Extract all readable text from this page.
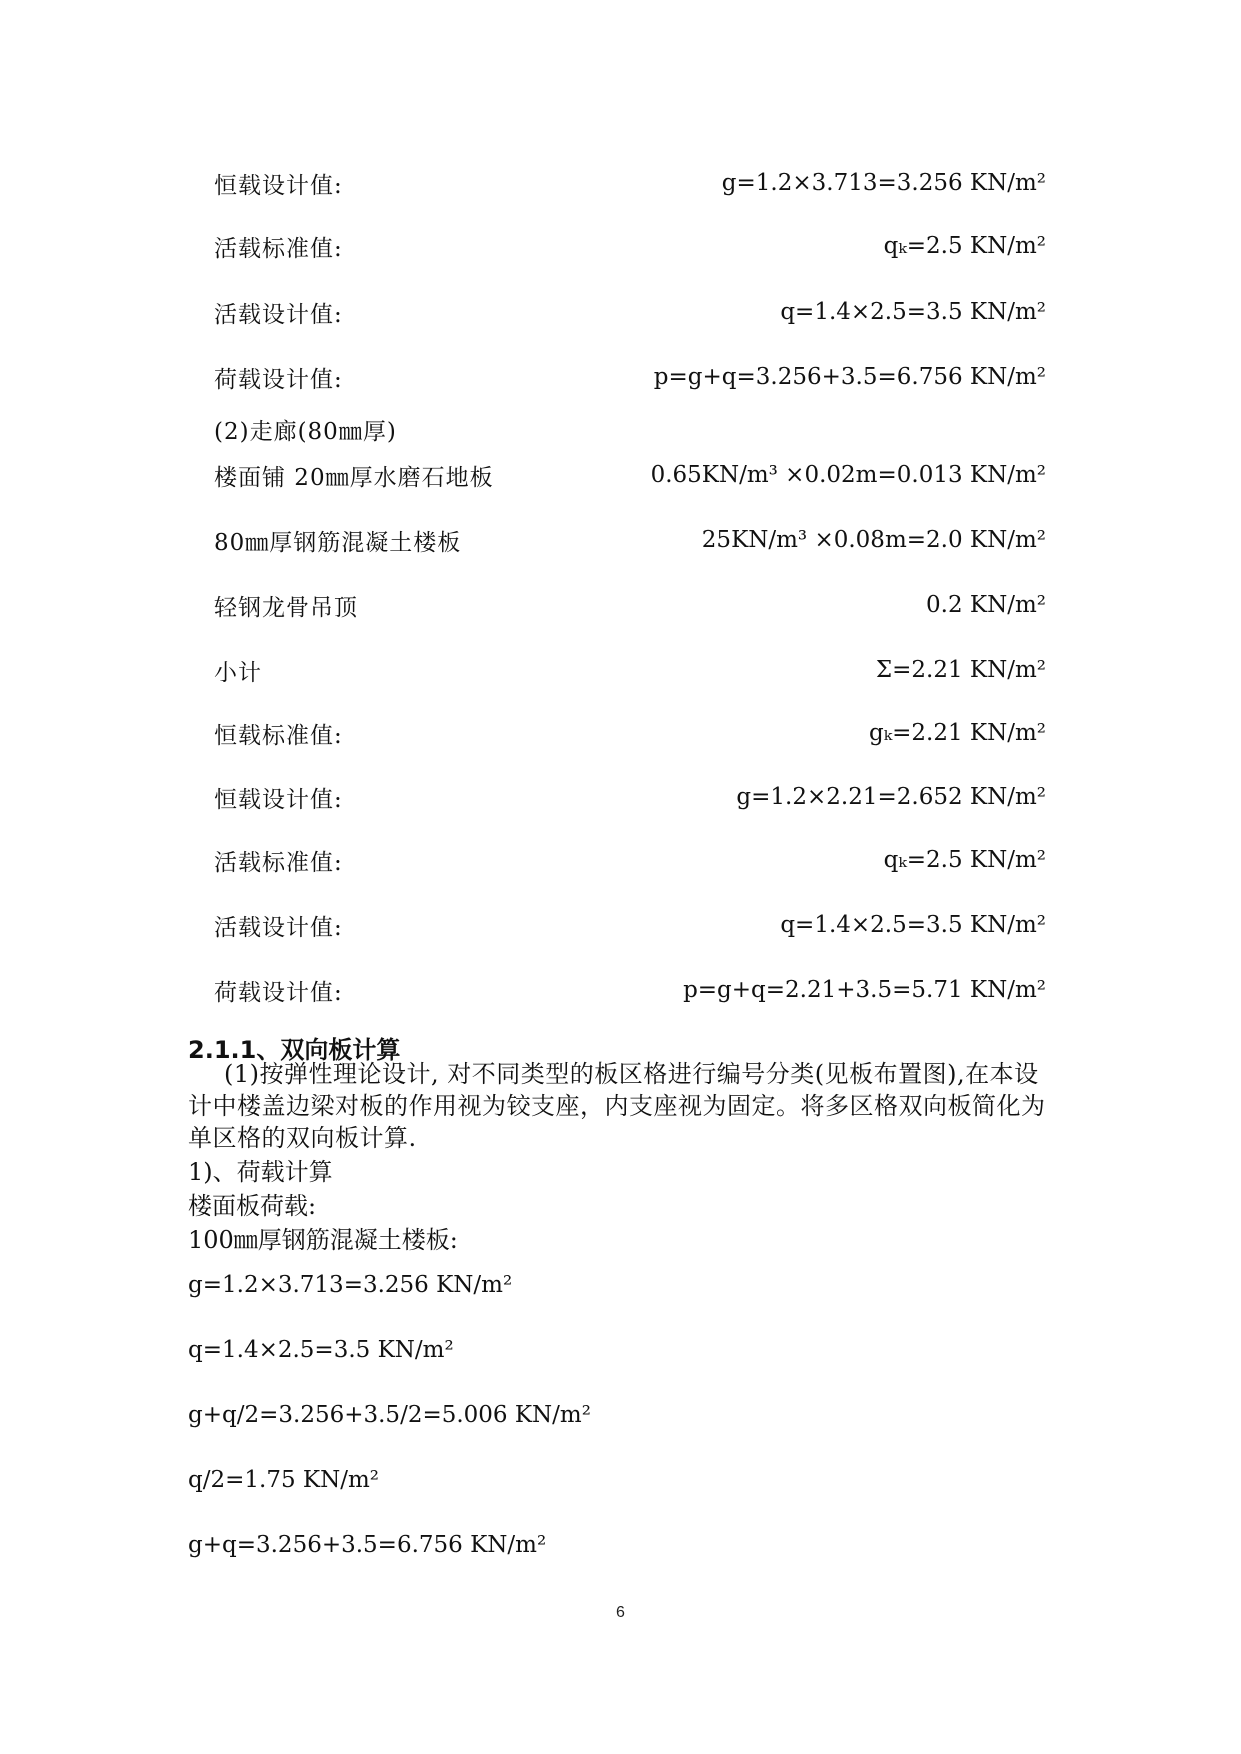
恒载设计值:	g=1.2×3.713=3.256 KN/m²
活载标准值:	qₖ=2.5 KN/m²
活载设计值:	q=1.4×2.5=3.5 KN/m²
荷载设计值:	p=g+q=3.256+3.5=6.756 KN/m²
(2)走廊(80㎜厚)
楼面铺 20㎜厚水磨石地板	0.65KN/m³ ×0.02m=0.013 KN/m²
80㎜厚钢筋混凝土楼板	25KN/m³ ×0.08m=2.0 KN/m²
轻钢龙骨吊顶	0.2 KN/m²
小计	Σ=2.21 KN/m²
恒载标准值:	gₖ=2.21 KN/m²
恒载设计值:	g=1.2×2.21=2.652 KN/m²
活载标准值:	qₖ=2.5 KN/m²
活载设计值:	q=1.4×2.5=3.5 KN/m²
荷载设计值:	p=g+q=2.21+3.5=5.71 KN/m²
2.1.1、双向板计算
(1)按弹性理论设计, 对不同类型的板区格进行编号分类(见板布置图),在本设计中楼盖边梁对板的作用视为铰支座，内支座视为固定。将多区格双向板简化为单区格的双向板计算.
1)、荷载计算
楼面板荷载:
100㎜厚钢筋混凝土楼板:
g=1.2×3.713=3.256 KN/m²
q=1.4×2.5=3.5 KN/m²
g+q/2=3.256+3.5/2=5.006 KN/m²
q/2=1.75 KN/m²
g+q=3.256+3.5=6.756 KN/m²
6
